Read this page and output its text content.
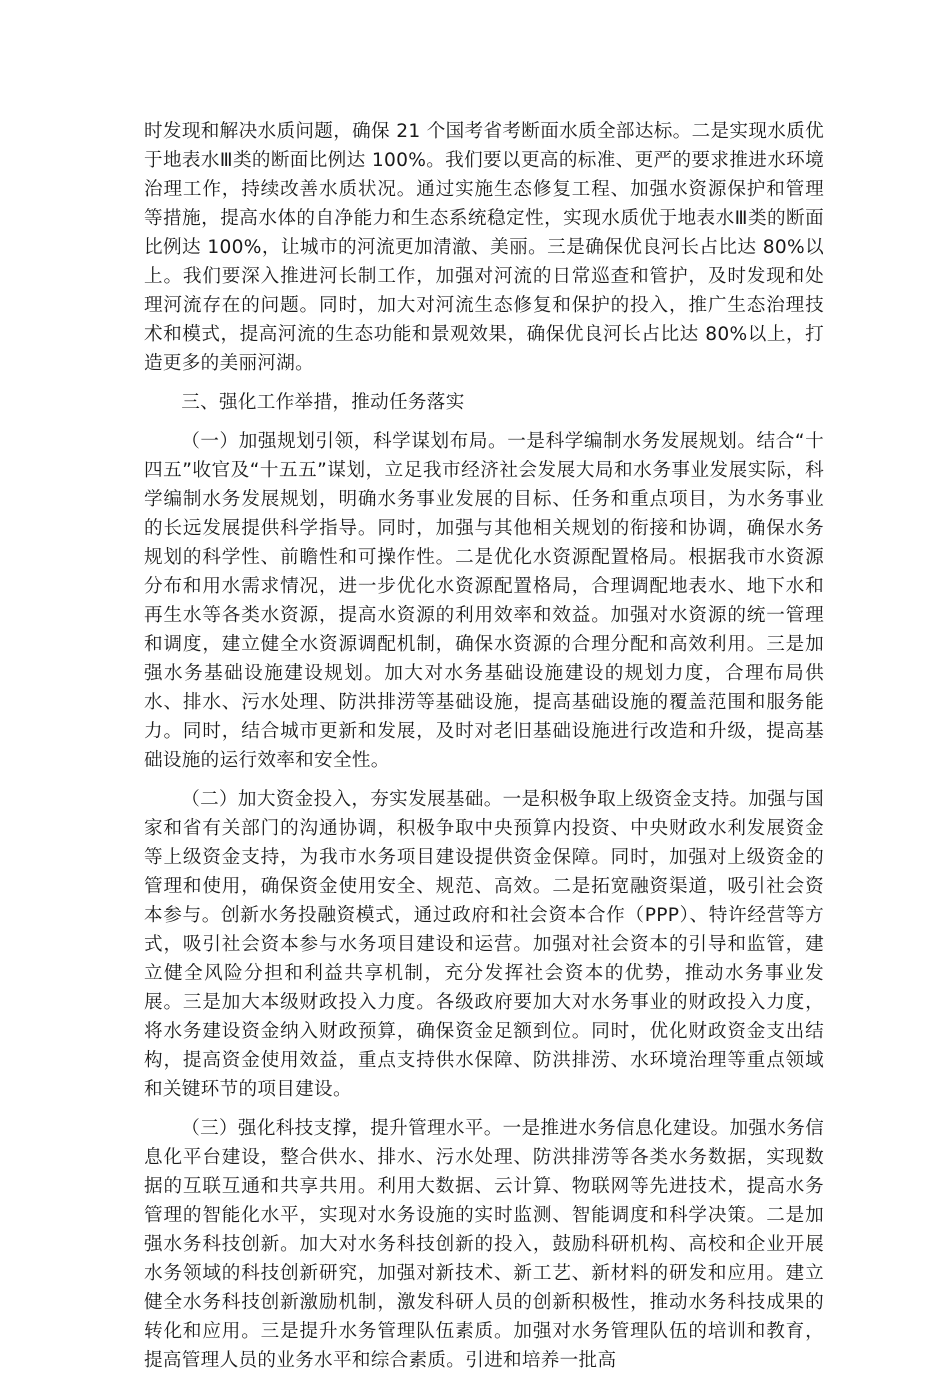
时发现和解决水质问题，确保 21 个国考省考断面水质全部达标。二是实现水质优于地表水Ⅲ类的断面比例达 100%。我们要以更高的标准、更严的要求推进水环境治理工作，持续改善水质状况。通过实施生态修复工程、加强水资源保护和管理等措施，提高水体的自净能力和生态系统稳定性，实现水质优于地表水Ⅲ类的断面比例达 100%，让城市的河流更加清澈、美丽。三是确保优良河长占比达 80%以上。我们要深入推进河长制工作，加强对河流的日常巡查和管护，及时发现和处理河流存在的问题。同时，加大对河流生态修复和保护的投入，推广生态治理技术和模式，提高河流的生态功能和景观效果，确保优良河长占比达 80%以上，打造更多的美丽河湖。

三、强化工作举措，推动任务落实

（一）加强规划引领，科学谋划布局。一是科学编制水务发展规划。结合“十四五”收官及“十五五”谋划，立足我市经济社会发展大局和水务事业发展实际，科学编制水务发展规划，明确水务事业发展的目标、任务和重点项目，为水务事业的长远发展提供科学指导。同时，加强与其他相关规划的衔接和协调，确保水务规划的科学性、前瞻性和可操作性。二是优化水资源配置格局。根据我市水资源分布和用水需求情况，进一步优化水资源配置格局，合理调配地表水、地下水和再生水等各类水资源，提高水资源的利用效率和效益。加强对水资源的统一管理和调度，建立健全水资源调配机制，确保水资源的合理分配和高效利用。三是加强水务基础设施建设规划。加大对水务基础设施建设的规划力度，合理布局供水、排水、污水处理、防洪排涝等基础设施，提高基础设施的覆盖范围和服务能力。同时，结合城市更新和发展，及时对老旧基础设施进行改造和升级，提高基础设施的运行效率和安全性。

（二）加大资金投入，夯实发展基础。一是积极争取上级资金支持。加强与国家和省有关部门的沟通协调，积极争取中央预算内投资、中央财政水利发展资金等上级资金支持，为我市水务项目建设提供资金保障。同时，加强对上级资金的管理和使用，确保资金使用安全、规范、高效。二是拓宽融资渠道，吸引社会资本参与。创新水务投融资模式，通过政府和社会资本合作（PPP）、特许经营等方式，吸引社会资本参与水务项目建设和运营。加强对社会资本的引导和监管，建立健全风险分担和利益共享机制，充分发挥社会资本的优势，推动水务事业发展。三是加大本级财政投入力度。各级政府要加大对水务事业的财政投入力度，将水务建设资金纳入财政预算，确保资金足额到位。同时，优化财政资金支出结构，提高资金使用效益，重点支持供水保障、防洪排涝、水环境治理等重点领域和关键环节的项目建设。

（三）强化科技支撑，提升管理水平。一是推进水务信息化建设。加强水务信息化平台建设，整合供水、排水、污水处理、防洪排涝等各类水务数据，实现数据的互联互通和共享共用。利用大数据、云计算、物联网等先进技术，提高水务管理的智能化水平，实现对水务设施的实时监测、智能调度和科学决策。二是加强水务科技创新。加大对水务科技创新的投入，鼓励科研机构、高校和企业开展水务领域的科技创新研究，加强对新技术、新工艺、新材料的研发和应用。建立健全水务科技创新激励机制，激发科研人员的创新积极性，推动水务科技成果的转化和应用。三是提升水务管理队伍素质。加强对水务管理队伍的培训和教育，提高管理人员的业务水平和综合素质。引进和培养一批高
